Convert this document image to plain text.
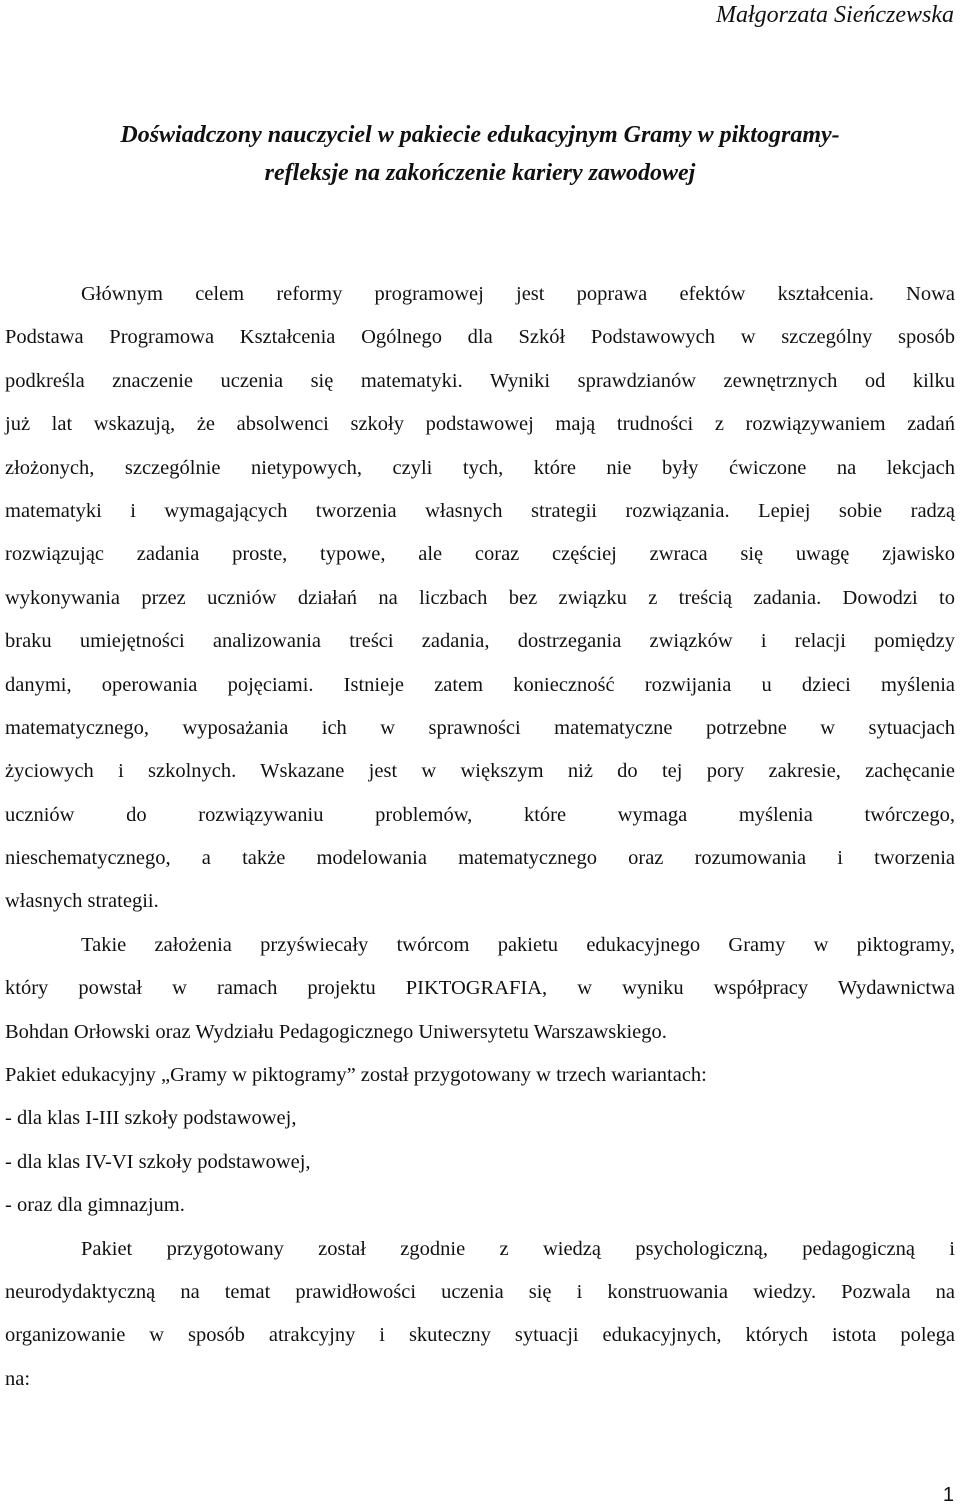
Małgorzata Sieńczewska
Doświadczony nauczyciel w pakiecie edukacyjnym Gramy w piktogramy-
refleksje na zakończenie kariery zawodowej
Głównym celem reformy programowej jest poprawa efektów kształcenia. Nowa
Podstawa Programowa Kształcenia Ogólnego dla Szkół Podstawowych w szczególny sposób
podkreśla znaczenie uczenia się matematyki. Wyniki sprawdzianów zewnętrznych od kilku
już lat wskazują, że absolwenci szkoły podstawowej mają trudności z rozwiązywaniem zadań
złożonych, szczególnie nietypowych, czyli tych, które nie były ćwiczone na lekcjach
matematyki i wymagających tworzenia własnych strategii rozwiązania. Lepiej sobie radzą
rozwiązując zadania proste, typowe, ale coraz częściej zwraca się uwagę zjawisko
wykonywania przez uczniów działań na liczbach bez związku z treścią zadania. Dowodzi to
braku umiejętności analizowania treści zadania, dostrzegania związków i relacji pomiędzy
danymi, operowania pojęciami. Istnieje zatem konieczność rozwijania u dzieci myślenia
matematycznego, wyposażania ich w sprawności matematyczne potrzebne w sytuacjach
życiowych i szkolnych. Wskazane jest w większym niż do tej pory zakresie, zachęcanie
uczniów do rozwiązywaniu problemów, które wymaga myślenia twórczego,
nieschematycznego, a także modelowania matematycznego oraz rozumowania i tworzenia
własnych strategii.
Takie założenia przyświecały twórcom pakietu edukacyjnego Gramy w piktogramy,
który powstał w ramach projektu PIKTOGRAFIA, w wyniku współpracy Wydawnictwa
Bohdan Orłowski oraz Wydziału Pedagogicznego Uniwersytetu Warszawskiego.
Pakiet edukacyjny „Gramy w piktogramy” został przygotowany w trzech wariantach:
- dla klas I-III szkoły podstawowej,
- dla klas IV-VI szkoły podstawowej,
- oraz dla gimnazjum.
Pakiet przygotowany został zgodnie z wiedzą psychologiczną, pedagogiczną i
neurodydaktyczną na temat prawidłowości uczenia się i konstruowania wiedzy. Pozwala na
organizowanie w sposób atrakcyjny i skuteczny sytuacji edukacyjnych, których istota polega
na:
1
